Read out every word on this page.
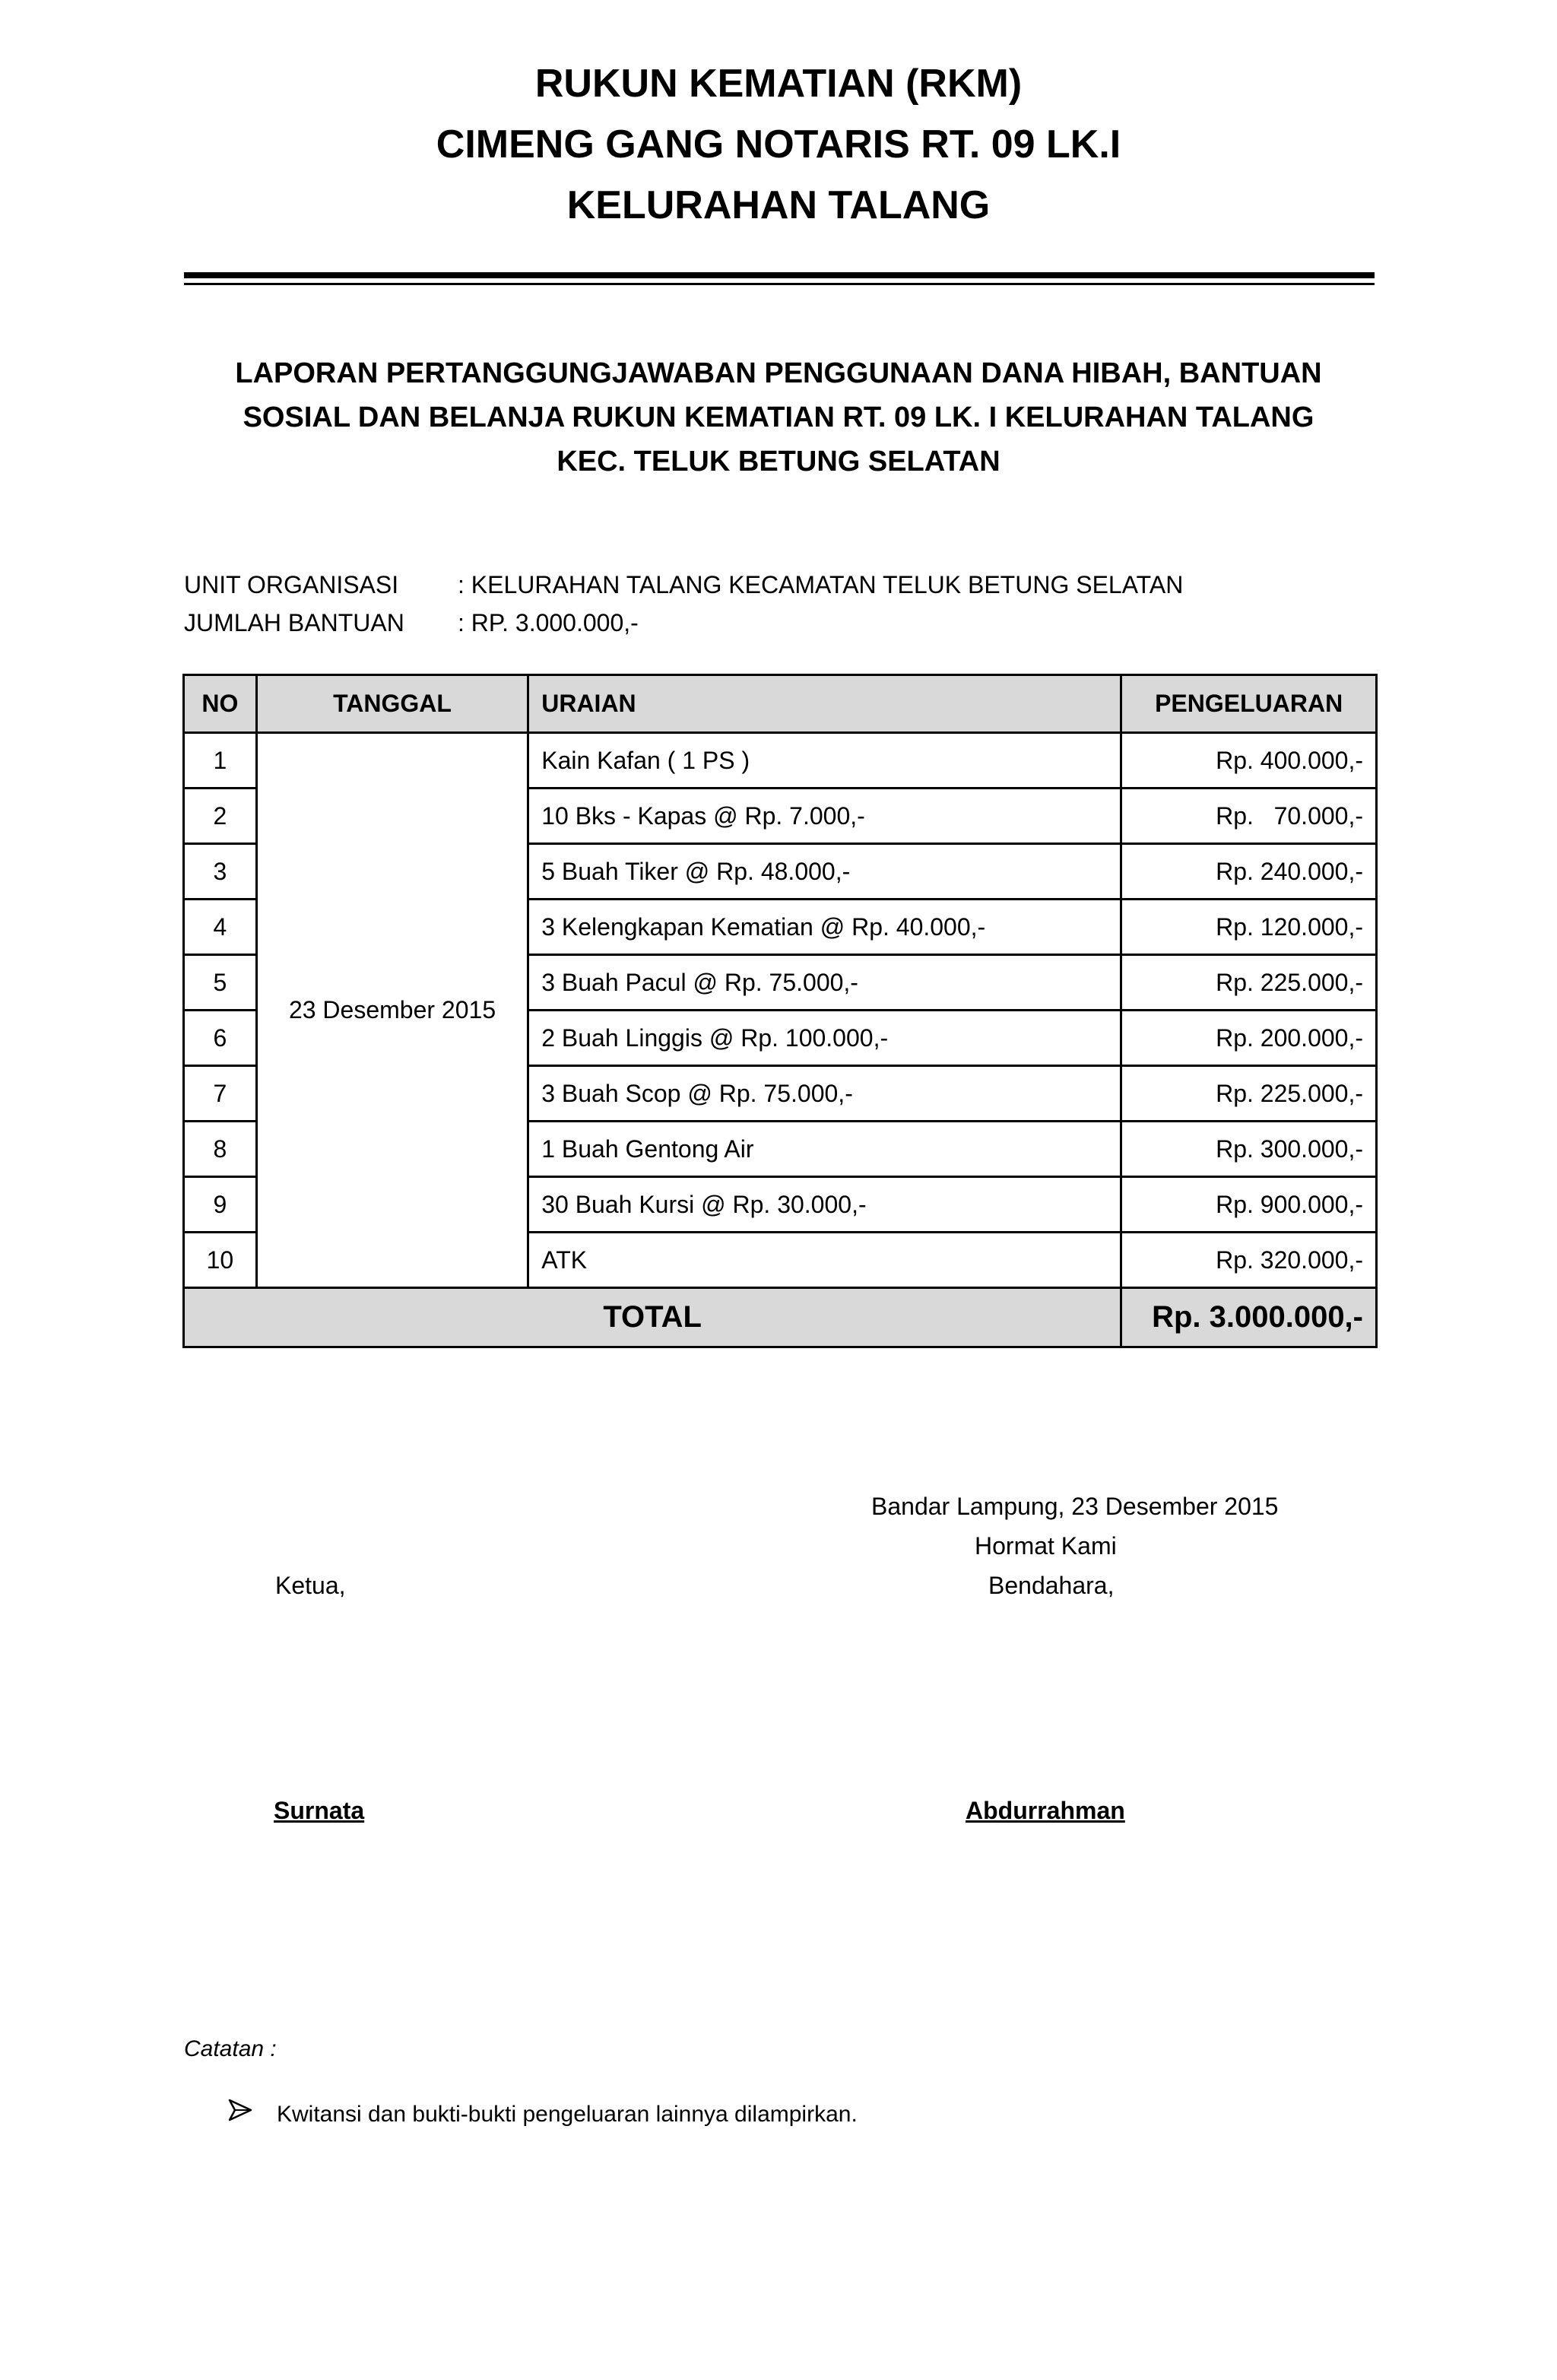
RUKUN KEMATIAN (RKM)
CIMENG GANG NOTARIS RT. 09 LK.I
KELURAHAN TALANG
LAPORAN PERTANGGUNGJAWABAN PENGGUNAAN DANA HIBAH, BANTUAN
SOSIAL DAN BELANJA RUKUN KEMATIAN RT. 09 LK. I KELURAHAN TALANG
KEC. TELUK BETUNG SELATAN
UNIT ORGANISASI	: KELURAHAN TALANG KECAMATAN TELUK BETUNG SELATAN
JUMLAH BANTUAN	: RP. 3.000.000,-
NO	TANGGAL	URAIAN	PENGELUARAN
1	23 Desember 2015	Kain Kafan ( 1 PS )	Rp. 400.000,-
2		10 Bks - Kapas @ Rp. 7.000,-	Rp.   70.000,-
3		5 Buah Tiker @ Rp. 48.000,-	Rp. 240.000,-
4		3 Kelengkapan Kematian @ Rp. 40.000,-	Rp. 120.000,-
5		3 Buah Pacul @ Rp. 75.000,-	Rp. 225.000,-
6		2 Buah Linggis @ Rp. 100.000,-	Rp. 200.000,-
7		3 Buah Scop @ Rp. 75.000,-	Rp. 225.000,-
8		1 Buah Gentong Air	Rp. 300.000,-
9		30 Buah Kursi @ Rp. 30.000,-	Rp. 900.000,-
10		ATK	Rp. 320.000,-
TOTAL			Rp. 3.000.000,-
Bandar Lampung, 23 Desember 2015
Hormat Kami
Ketua,	Bendahara,
Surnata	Abdurrahman
Catatan :
Kwitansi dan bukti-bukti pengeluaran lainnya dilampirkan.
